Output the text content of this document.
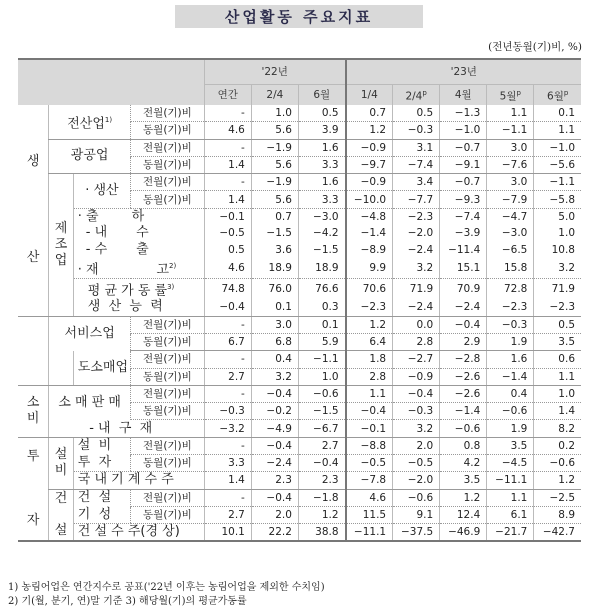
산업활동 주요지표
(전년동월(기)비, %)
				'22년			'23년				
				연간	2/4	6월	1/4	2/4$^p$	4월	5월$^p$	6월$^p$

생

산	전산업$^{1)}$		전월(기)비	-	1.0	0.5	0.7	0.5	−1.3	1.1	0.1
			동월(기)비	4.6	5.6	3.9	1.2	−0.3	−1.0	−1.1	1.1
	광공업		전월(기)비	-	−1.9	1.6	−0.9	3.1	−0.7	3.0	−1.0
			동월(기)비	1.4	5.6	3.3	−9.7	−7.4	−9.1	−7.6	−5.6

	제
조
업	· 생산	전월(기)비	-	−1.9	1.6	−0.9	3.4	−0.7	3.0	−1.1
			동월(기)비	1.4	5.6	3.3	−10.0	−7.7	−9.3	−7.9	−5.8
		· 출        하		−0.1	0.7	−3.0	−4.8	−2.3	−7.4	−4.7	5.0
		- 내       수		−0.5	−1.5	−4.2	−1.4	−2.0	−3.9	−3.0	1.0
		- 수       출		0.5	3.6	−1.5	−8.9	−2.4	−11.4	−6.5	10.8
		· 재              고$^{2)}$		4.6	18.9	18.9	9.9	3.2	15.1	15.8	3.2
		평 균 가 동 률$^{3)}$		74.8	76.0	76.6	70.6	71.9	70.9	72.8	71.9
		생  산  능  력		−0.4	0.1	0.3	−2.3	−2.4	−2.4	−2.3	−2.3
	서비스업		전월(기)비	-	3.0	0.1	1.2	0.0	−0.4	−0.3	0.5
			동월(기)비	6.7	6.8	5.9	6.4	2.8	2.9	1.9	3.5
		도소매업	전월(기)비	-	0.4	−1.1	1.8	−2.7	−2.8	1.6	0.6
			동월(기)비	2.7	3.2	1.0	2.8	−0.9	−2.6	−1.4	1.1

소
비	소 매 판 매		전월(기)비	-	−0.4	−0.6	1.1	−0.4	−2.6	0.4	1.0
			동월(기)비	−0.3	−0.2	−1.5	−0.4	−0.3	−1.4	−0.6	1.4
	- 내  구  재			−3.2	−4.9	−6.7	−0.1	3.2	−0.6	1.9	8.2

투

자

설
비
	설  비	전월(기)비	-	−0.4	2.7	−8.8	2.0	0.8	3.5	0.2
		투  자	동월(기)비	3.3	−2.4	−0.4	−0.5	−0.5	4.2	−4.5	−0.6
		국 내 기 계 수 주		1.4	2.3	2.3	−7.8	−2.0	3.5	−11.1	1.2

	건

설	건  설	전월(기)비	-	−0.4	−1.8	4.6	−0.6	1.2	1.1	−2.5
		기  성	동월(기)비	2.7	2.0	1.2	11.5	9.1	12.4	6.1	8.9
		건 설 수 주(경 상)		10.1	22.2	38.8	−11.1	−37.5	−46.9	−21.7	−42.7
1) 농림어업은 연간지수로 공표('22년 이후는 농림어업을 제외한 수치임)
2) 기(월, 분기, 연)말 기준 3) 해당월(기)의 평균가동률
